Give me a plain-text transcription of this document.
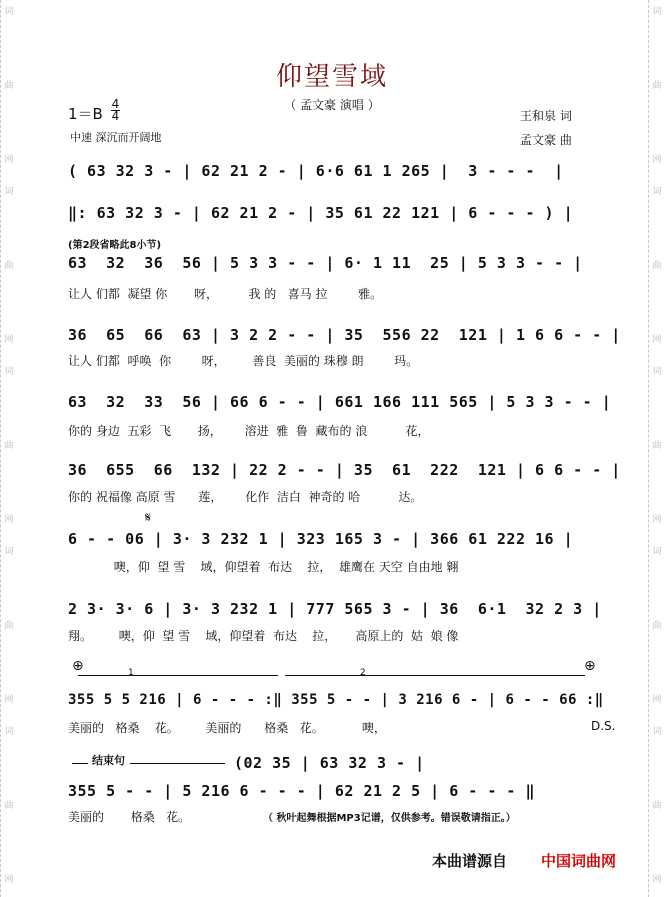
词
曲
网
词
曲
网
词
曲
网
词
曲
网
词
曲
网
词
曲
网
词
曲
网
词
曲
网
词
曲
网
词
曲
网
仰望雪域
（ 孟文豪 演唱 ）
1＝B
4
4
中速 深沉而开阔地
王和泉 词
孟文豪 曲
( 63 32 3 - | 62 21 2 - | 6·6 61 1 265 |  3 - - -  |
‖: 63 32 3 - | 62 21 2 - | 35 61 22 121 | 6 - - - ) |
(第2段省略此8小节)
63  32  36  56 | 5 3 3 - - | 6· 1 11  25 | 5 3 3 - - |
让人 们都  凝望 你       呀，        我 的   喜马 拉        雅。
36  65  66  63 | 3 2 2 - - | 35  556 22  121 | 1 6 6 - - |
让人 们都  呼唤  你        呀，       善良  美丽的 珠穆 朗        玛。
63  32  33  56 | 66 6 - - | 661 166 111 565 | 5 3 3 - - |
你的 身边  五彩  飞       扬，      溶进  雅  鲁  藏布的 浪          花，
36  655  66  132 | 22 2 - - | 35  61  222  121 | 6 6 - - |
你的 祝福像 高原 雪      莲，      化作  洁白  神奇的 哈          达。
𝄋
6 - - 06 | 3· 3 232 1 | 323 165 3 - | 366 61 222 16 |
噢，仰  望 雪    域，仰望着  布达    拉，  雄鹰在 天空 自由地 翱
2 3· 3· 6 | 3· 3 232 1 | 777 565 3 - | 36  6·1  32 2 3 |
翔。       噢，仰  望 雪    域，仰望着  布达    拉，     高原上的  姑  娘 像
⊕	⊕
1	2
355 5 5 216 | 6 - - - :‖ 355 5 - - | 3 216 6 - | 6 - - 66 :‖
美丽的   格桑    花。       美丽的      格桑   花。          噢，	D.S.
结束句	(02 35 | 63 32 3 - |
355 5 - - | 5 216 6 - - - | 62 21 2 5 | 6 - - - ‖
美丽的       格桑   花。	（ 秋叶起舞根据MP3记谱，仅供参考。错误敬请指正。）
本曲谱源自 中国词曲网
